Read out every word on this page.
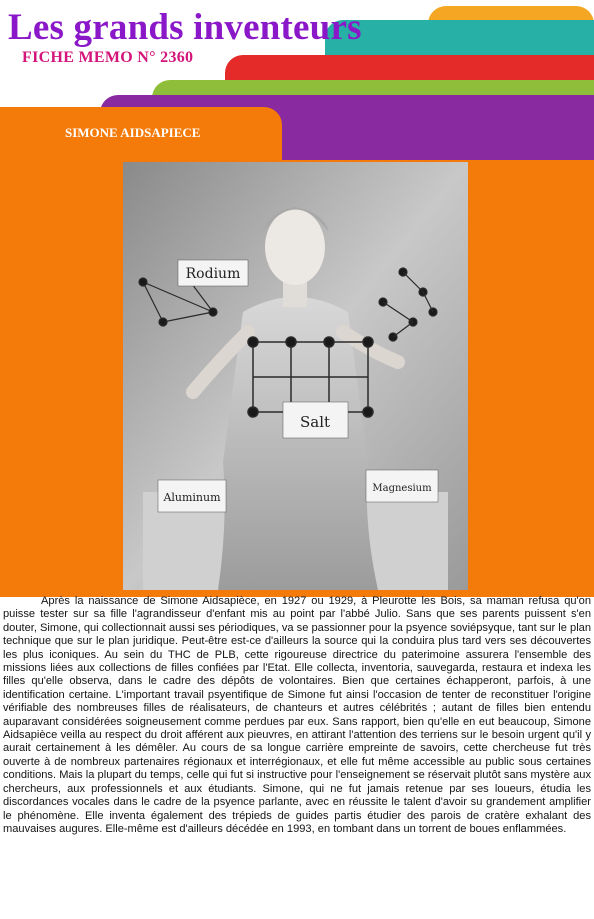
Les grands inventeurs
FICHE MEMO N° 2360
SIMONE AIDSAPIECE
Rodium
Salt
Aluminum
Magnesium

Après la naissance de Simone Aidsapièce, en 1927 ou 1929, à Pleurotte les Bois, sa maman refusa qu'on puisse tester sur sa fille l'agrandisseur d'enfant mis au point par l'abbé Julio. Sans que ses parents puissent s'en douter, Simone, qui collectionnait aussi ses périodiques, va se passionner pour la psyence soviépsyque, tant sur le plan technique que sur le plan juridique. Peut-être est-ce d'ailleurs la source qui la conduira plus tard vers ses découvertes les plus iconiques. Au sein du THC de PLB, cette rigoureuse directrice du paterimoine assurera l'ensemble des missions liées aux collections de filles confiées par l'Etat. Elle collecta, inventoria, sauvegarda, restaura et indexa les filles qu'elle observa, dans le cadre des dépôts de volontaires. Bien que certaines échapperont, parfois, à une identification certaine. L'important travail psyentifique de Simone fut ainsi l'occasion de tenter de reconstituer l'origine vérifiable des nombreuses filles de réalisateurs, de chanteurs et autres célébrités ; autant de filles bien entendu auparavant considérées soigneusement comme perdues par eux. Sans rapport, bien qu'elle en eut beaucoup, Simone Aidsapièce veilla au respect du droit afférent aux pieuvres, en attirant l'attention des terriens sur le besoin urgent qu'il y aurait certainement à les démêler. Au cours de sa longue carrière empreinte de savoirs, cette chercheuse fut très ouverte à de nombreux partenaires régionaux et interrégionaux, et elle fut même accessible au public sous certaines conditions. Mais la plupart du temps, celle qui fut si instructive pour l'enseignement se réservait plutôt sans mystère aux chercheurs, aux professionnels et aux étudiants. Simone, qui ne fut jamais retenue par ses loueurs, étudia les discordances vocales dans le cadre de la psyence parlante, avec en réussite le talent d'avoir su grandement amplifier le phénomène. Elle inventa également des trépieds de guides partis étudier des parois de cratère exhalant des mauvaises augures. Elle-même est d'ailleurs décédée en 1993, en tombant dans un torrent de boues enflammées.
